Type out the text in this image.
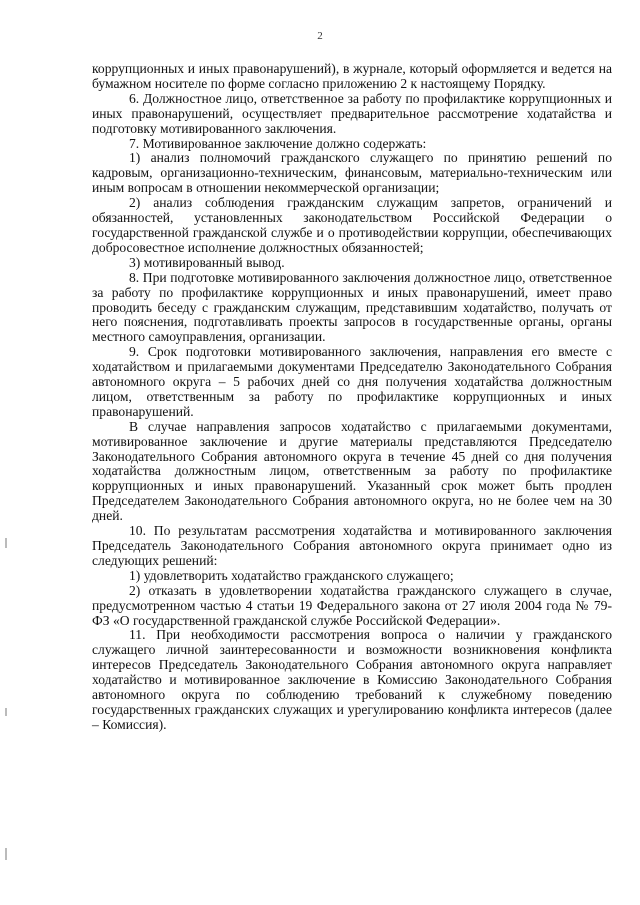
2

коррупционных и иных правонарушений), в журнале, который оформляется и ведется на бумажном носителе по форме согласно приложению 2 к настоящему Порядку.

6. Должностное лицо, ответственное за работу по профилактике коррупционных и иных правонарушений, осуществляет предварительное рассмотрение ходатайства и подготовку мотивированного заключения.

7. Мотивированное заключение должно содержать:

1) анализ полномочий гражданского служащего по принятию решений по кадровым, организационно-техническим, финансовым, материально-техническим или иным вопросам в отношении некоммерческой организации;

2) анализ соблюдения гражданским служащим запретов, ограничений и обязанностей, установленных законодательством Российской Федерации о государственной гражданской службе и о противодействии коррупции, обеспечивающих добросовестное исполнение должностных обязанностей;

3) мотивированный вывод.

8. При подготовке мотивированного заключения должностное лицо, ответственное за работу по профилактике коррупционных и иных правонарушений, имеет право проводить беседу с гражданским служащим, представившим ходатайство, получать от него пояснения, подготавливать проекты запросов в государственные органы, органы местного самоуправления, организации.

9. Срок подготовки мотивированного заключения, направления его вместе с ходатайством и прилагаемыми документами Председателю Законодательного Собрания автономного округа – 5 рабочих дней со дня получения ходатайства должностным лицом, ответственным за работу по профилактике коррупционных и иных правонарушений.

В случае направления запросов ходатайство с прилагаемыми документами, мотивированное заключение и другие материалы представляются Председателю Законодательного Собрания автономного округа в течение 45 дней со дня получения ходатайства должностным лицом, ответственным за работу по профилактике коррупционных и иных правонарушений. Указанный срок может быть продлен Председателем Законодательного Собрания автономного округа, но не более чем на 30 дней.

10. По результатам рассмотрения ходатайства и мотивированного заключения Председатель Законодательного Собрания автономного округа принимает одно из следующих решений:

1) удовлетворить ходатайство гражданского служащего;

2) отказать в удовлетворении ходатайства гражданского служащего в случае, предусмотренном частью 4 статьи 19 Федерального закона от 27 июля 2004 года № 79-ФЗ «О государственной гражданской службе Российской Федерации».

11. При необходимости рассмотрения вопроса о наличии у гражданского служащего личной заинтересованности и возможности возникновения конфликта интересов Председатель Законодательного Собрания автономного округа направляет ходатайство и мотивированное заключение в Комиссию Законодательного Собрания автономного округа по соблюдению требований к служебному поведению государственных гражданских служащих и урегулированию конфликта интересов (далее – Комиссия).
